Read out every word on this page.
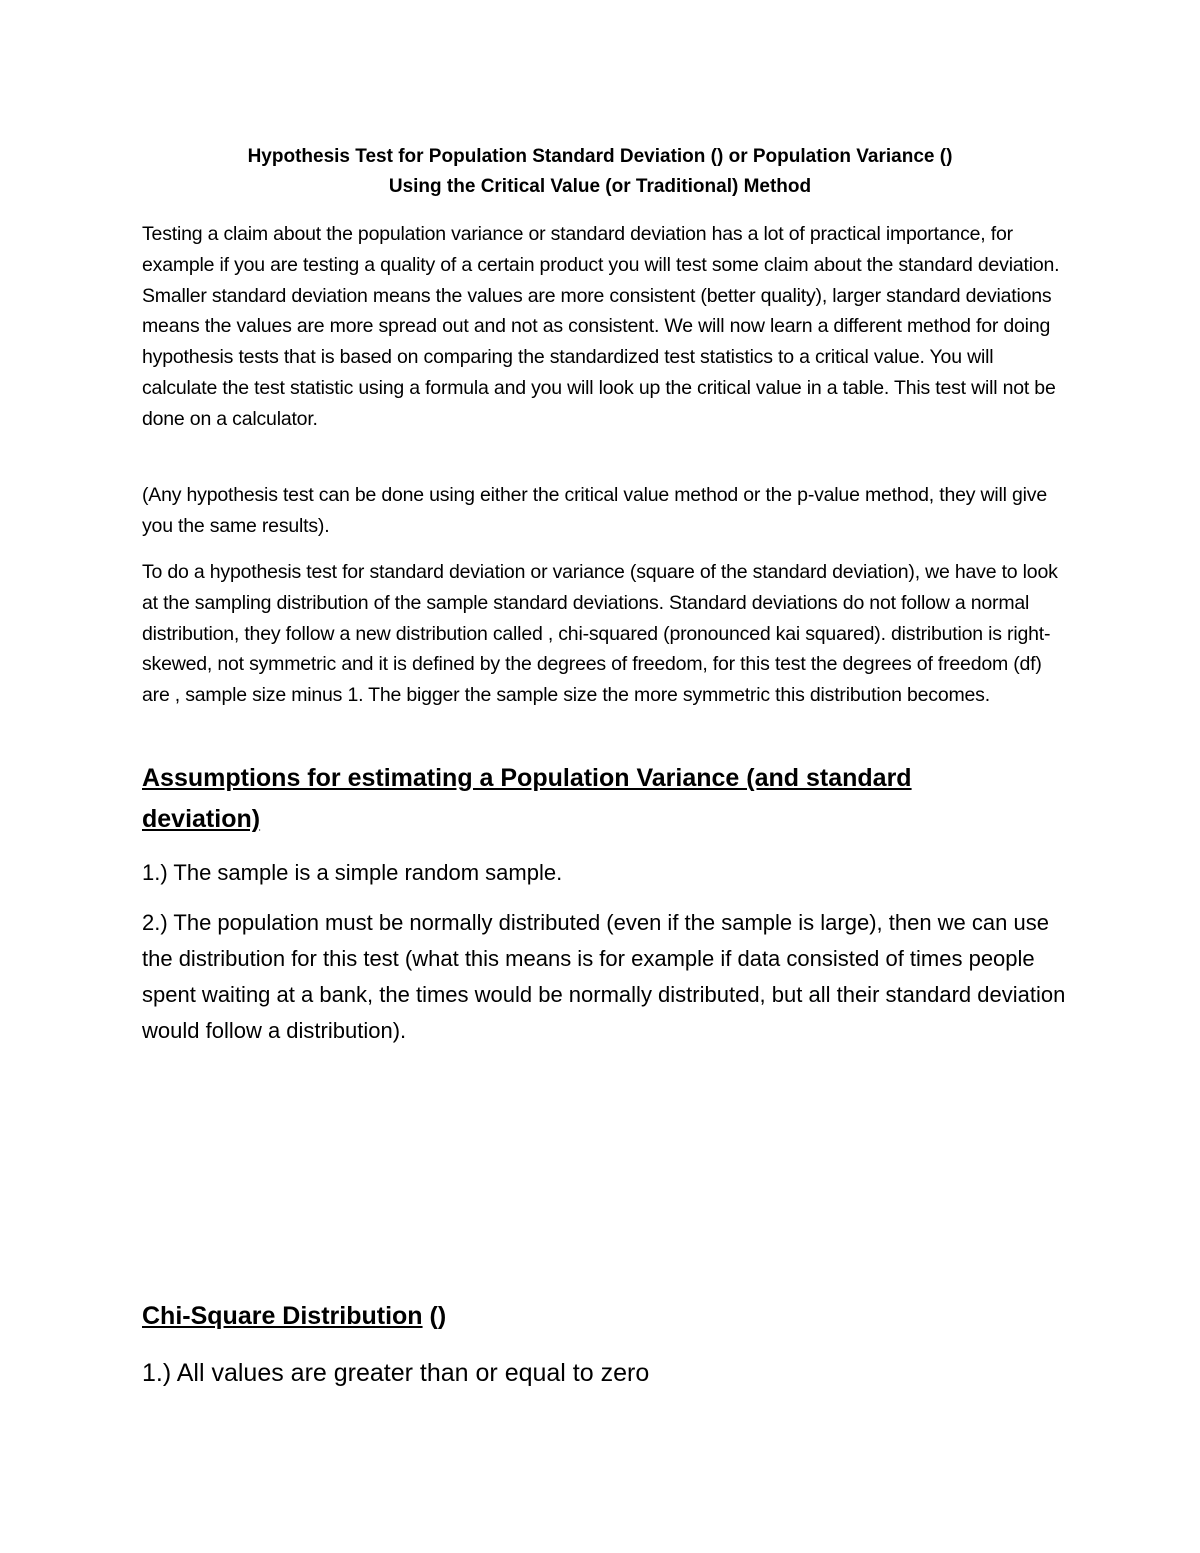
Hypothesis Test for Population Standard Deviation () or Population Variance ()
Using the Critical Value (or Traditional) Method

Testing a claim about the population variance or standard deviation has a lot of practical importance, for example if you are testing a quality of a certain product you will test some claim about the standard deviation. Smaller standard deviation means the values are more consistent (better quality), larger standard deviations means the values are more spread out and not as consistent. We will now learn a different method for doing hypothesis tests that is based on comparing the standardized test statistics to a critical value. You will calculate the test statistic using a formula and you will look up the critical value in a table. This test will not be done on a calculator.

(Any hypothesis test can be done using either the critical value method or the p-value method, they will give you the same results).

To do a hypothesis test for standard deviation or variance (square of the standard deviation), we have to look at the sampling distribution of the sample standard deviations. Standard deviations do not follow a normal distribution, they follow a new distribution called , chi-squared (pronounced kai squared). distribution is right-skewed, not symmetric and it is defined by the degrees of freedom, for this test the degrees of freedom (df) are , sample size minus 1. The bigger the sample size the more symmetric this distribution becomes.

Assumptions for estimating a Population Variance (and standard
deviation)

1.) The sample is a simple random sample.

2.) The population must be normally distributed (even if the sample is large), then we can use the distribution for this test (what this means is for example if data consisted of times people spent waiting at a bank, the times would be normally distributed, but all their standard deviation would follow a distribution).

Chi-Square Distribution ()

1.) All values are greater than or equal to zero
